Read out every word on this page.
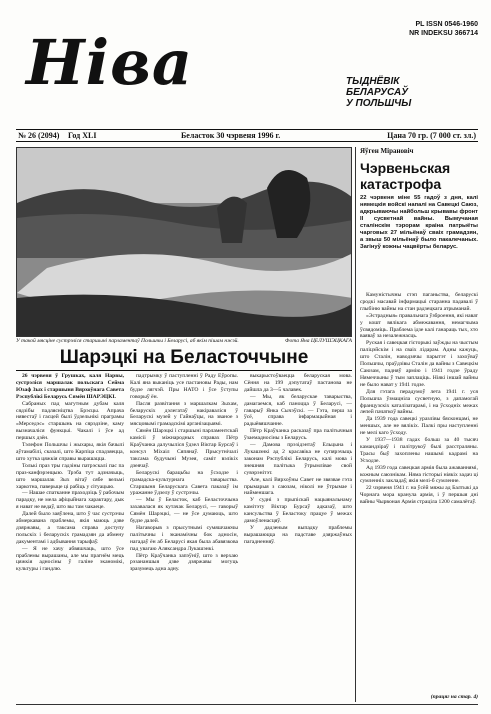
Ніва
PL ISSN 0546-1960
NR INDEKSU 366714
ТЫДНЁВІК
БЕЛАРУСАЎ
У ПОЛЬШЧЫ
№ 26 (2094) Год XLI	Беласток 30 чэрвеня 1996 г.	Цана 70 гр. (7 000 ст. зл.)
У такой мясціне сустрэліся старшыні парламентаў Польшчы і Беларусі, аб якім пішам нжэй.	Фота Яна ЦЕЛУШЭЦКАГА
Шарэцкі на Беласточчыне

26 чэрвеня ў Грушках, каля Нарвы, сустрэліся маршалак польскага Сейма Юзаф Зых і старшыня Вярхоўнага Савета Рэспублікі Беларусь Сямён ШАРЭЦКІ.

Сабраных пад магутным дубам каля сядзібы падлясніцтва Брэсцы. Апрача нявестаў і гасцей былі ўдзельнікі праграмы «Мерседэс» старшынь на сярэдзіне, каму вызначаліся функцыі. Чакалі і ўсе ад першых дзён.

Тэлефон Польшчы і жыхары, якія бачылі аўтамабілі, сказалі, што Карпіца спадзяецца, што хутка цяжкія справы вырашацца.

Толькі праз тры гадзіны патрэскалі пас па праз-канфэрэнцыю. Трэба тут адзначыць, што маршалак Зых вітаў сябе вельмі харкотна, паверыце ці рабіць у сітуацыю.

— Нашае спатканне праходзіць ў рабочым парадку, не мела афіцыйнага характару, дык я нават не ведаў, што вы там чакаеце.

Далей было заяўлена, што ў час сустрэчы абмеркавана праблемы, якія маюць дзве дзяржавы, а таксама справа доступу польскіх і беларускіх грамадзян да абмену дакументамі і адбывання тарыфаў.

— Я не хачу абвяшчаць, што ўсе праблемы вырашаны, але мы прагнём мець цяжкія адносіны ў галіне эканомікі, культуры і гандлю.

падтрымку ў паступленні ў Раду Еўропы. Калі яна выканіць усе пастановы Рады, нам будзе лягчэй. Пры НАТО і ўсе ўступы говорыў ён.

Пасля развітання з маршалкам Зыхам, беларускіх дэлегатаў накіраваліся ў Беларускі музей у Гайнаўцы, на званое з мясцовымі грамадскімі арганізацыямі.

Сямён Шарэцкі і старшыні парламентскай камісіі ў міжнародных справах Пётр Краўчанка далучыліся ўдзел Віктар Бурсаў і консул Міхаіл Сяпянаў. Прысутнічалі таксама будучыні Музея, саміт вэлікіх дзеячаў.

Беларускі барацьбы на ўсходзе і грамадска-культурнага таварыства. Старшыня Беларускага Савета паказаў ім уражанне ўдзелу ў сустрэчы.

— Мы ў Беласток, каб Беласточчына захавалася як кутачак Беларусі, — гаворыў Сямён Шарэцкі, — не ўсе думаюць, што будзе далей.

Нагаворыв з прысутнымі сумяшчаючы палітычны і эканамічны бок адносін, нагадаў ён аб Беларусі якая была абавязкова пад увагаю Аляксандра Лукашэнкі.

Пётр Краўчанка запэўніў, што з верхаю рэзананшыя дзве дзяржавы могуць зразумець адна адну.

выкарыстоўваецца беларуская мова. Сёння на 199 дэпутатаў пастанова не дайшла да 3—5 чалавек.

— Мы, як беларускае таварыства, дамагаемся, каб паноцца ў Беларусі, — гаварыў Янка Сычэўскі. — Гэта, перш за ўсё, справа інфармацыйная і радыёвяшчанне.

Пётр Краўчанка расказаў пра палітычныя ўзаемадносіны з Беларусь.

— Дамова прэзідэнтаў Ельцына і Лукашэнкі ад 2 красавіка не супярэчыць законам Рэспублікі Беларусь, калі мова і знешняя палітыка ўтрымлівае свой сувэрэнітэт.

Але, калі Вярхоўны Савет не звязвае гэта прымарыя з саюзам, ніколі не ўтрымае і найменшага.

У судні з прыпіскай нацыянальнаму камітэту Віктар Бурсаў адказаў, што кансульства ў Беластоку працуе ў межах дамоўленасцяў.

У дадзеным выпадку праблемы вырашаюцца на падставе дзяржаўных пагадненняў.

Яўген Мірановіч
Чэрвеньская катастрофа
22 чэрвеня міне 55 гадоў з дня, калі нямецкія войскі напалі на Савецкі Саюз, адкрываючы найбольш крывавы фронт II сусветнай вайны. Вымучаная сталінскім тэрорам краіна патрыёты чарговых 27 мільёнаў сваіх грамадзян, а звыш 50 мільёнаў было пакалечаных. Загінуў кожны чацвёрты беларус.

Камуністычны стэп паганьства, беларускі сродкі масавай інфармацыі старанна падавалі ў глыбіню вайны на стан радзецкага атрыманай.

«Эстрадныя» правальнага ўзброення, які нават у кошт вялікага абмежавання, немагчыма ўсвядоміць. Праблема ідзе калі ганараць тых, хто ваяваў за незалежнасць.

Руская і савецкая гісторыкі заўжды на чыстым паліцэйскім і на сваіх лідарам. Адны кажуць, што Сталін, наводзячы парытэт і захоўваў Польшчы, праўдзівы Сталін да вайны з Савецкім Саюзам, падняў армію і 1941 годзе ўраду Нямеччыны ў тым заплаціць. Ніякі іншай вайны не было нават у 1941 годзе.

Для гэтага перадумоў лета 1941 г. уся Польшча ўзмацніла сусветную, з дапамогай французскіх каталізатарамі, і на ўсходніх межах лепей пачаткоў вайны.

Да 1939 года савецкі уразлівы бясконцамі, не меншых, але не вялікіх. Палкі пры наступленні не мелі каго ўсходу.

У 1937—1938 гадах больш за 40 тысяч камандзіраў і палітрукоў былі расстраляны. Трасы быў захоплены нашымі кадрамі на Усходзе.

Ад 1939 года савецкая армія была ажаваннямі, кожным саюзнікам. Няма гісторыі ніякіх задач ці сумленніх закладаў, якія мелі-б сумленне.

22 чэрвеня 1941 г. на ўсёй мяжы ад Балтыкі да Чорнага мора кранула армія, і ў першыя дні вайны Чырвоная Армія страціла 1200 самалётаў.

(працяг на стар. 4)
